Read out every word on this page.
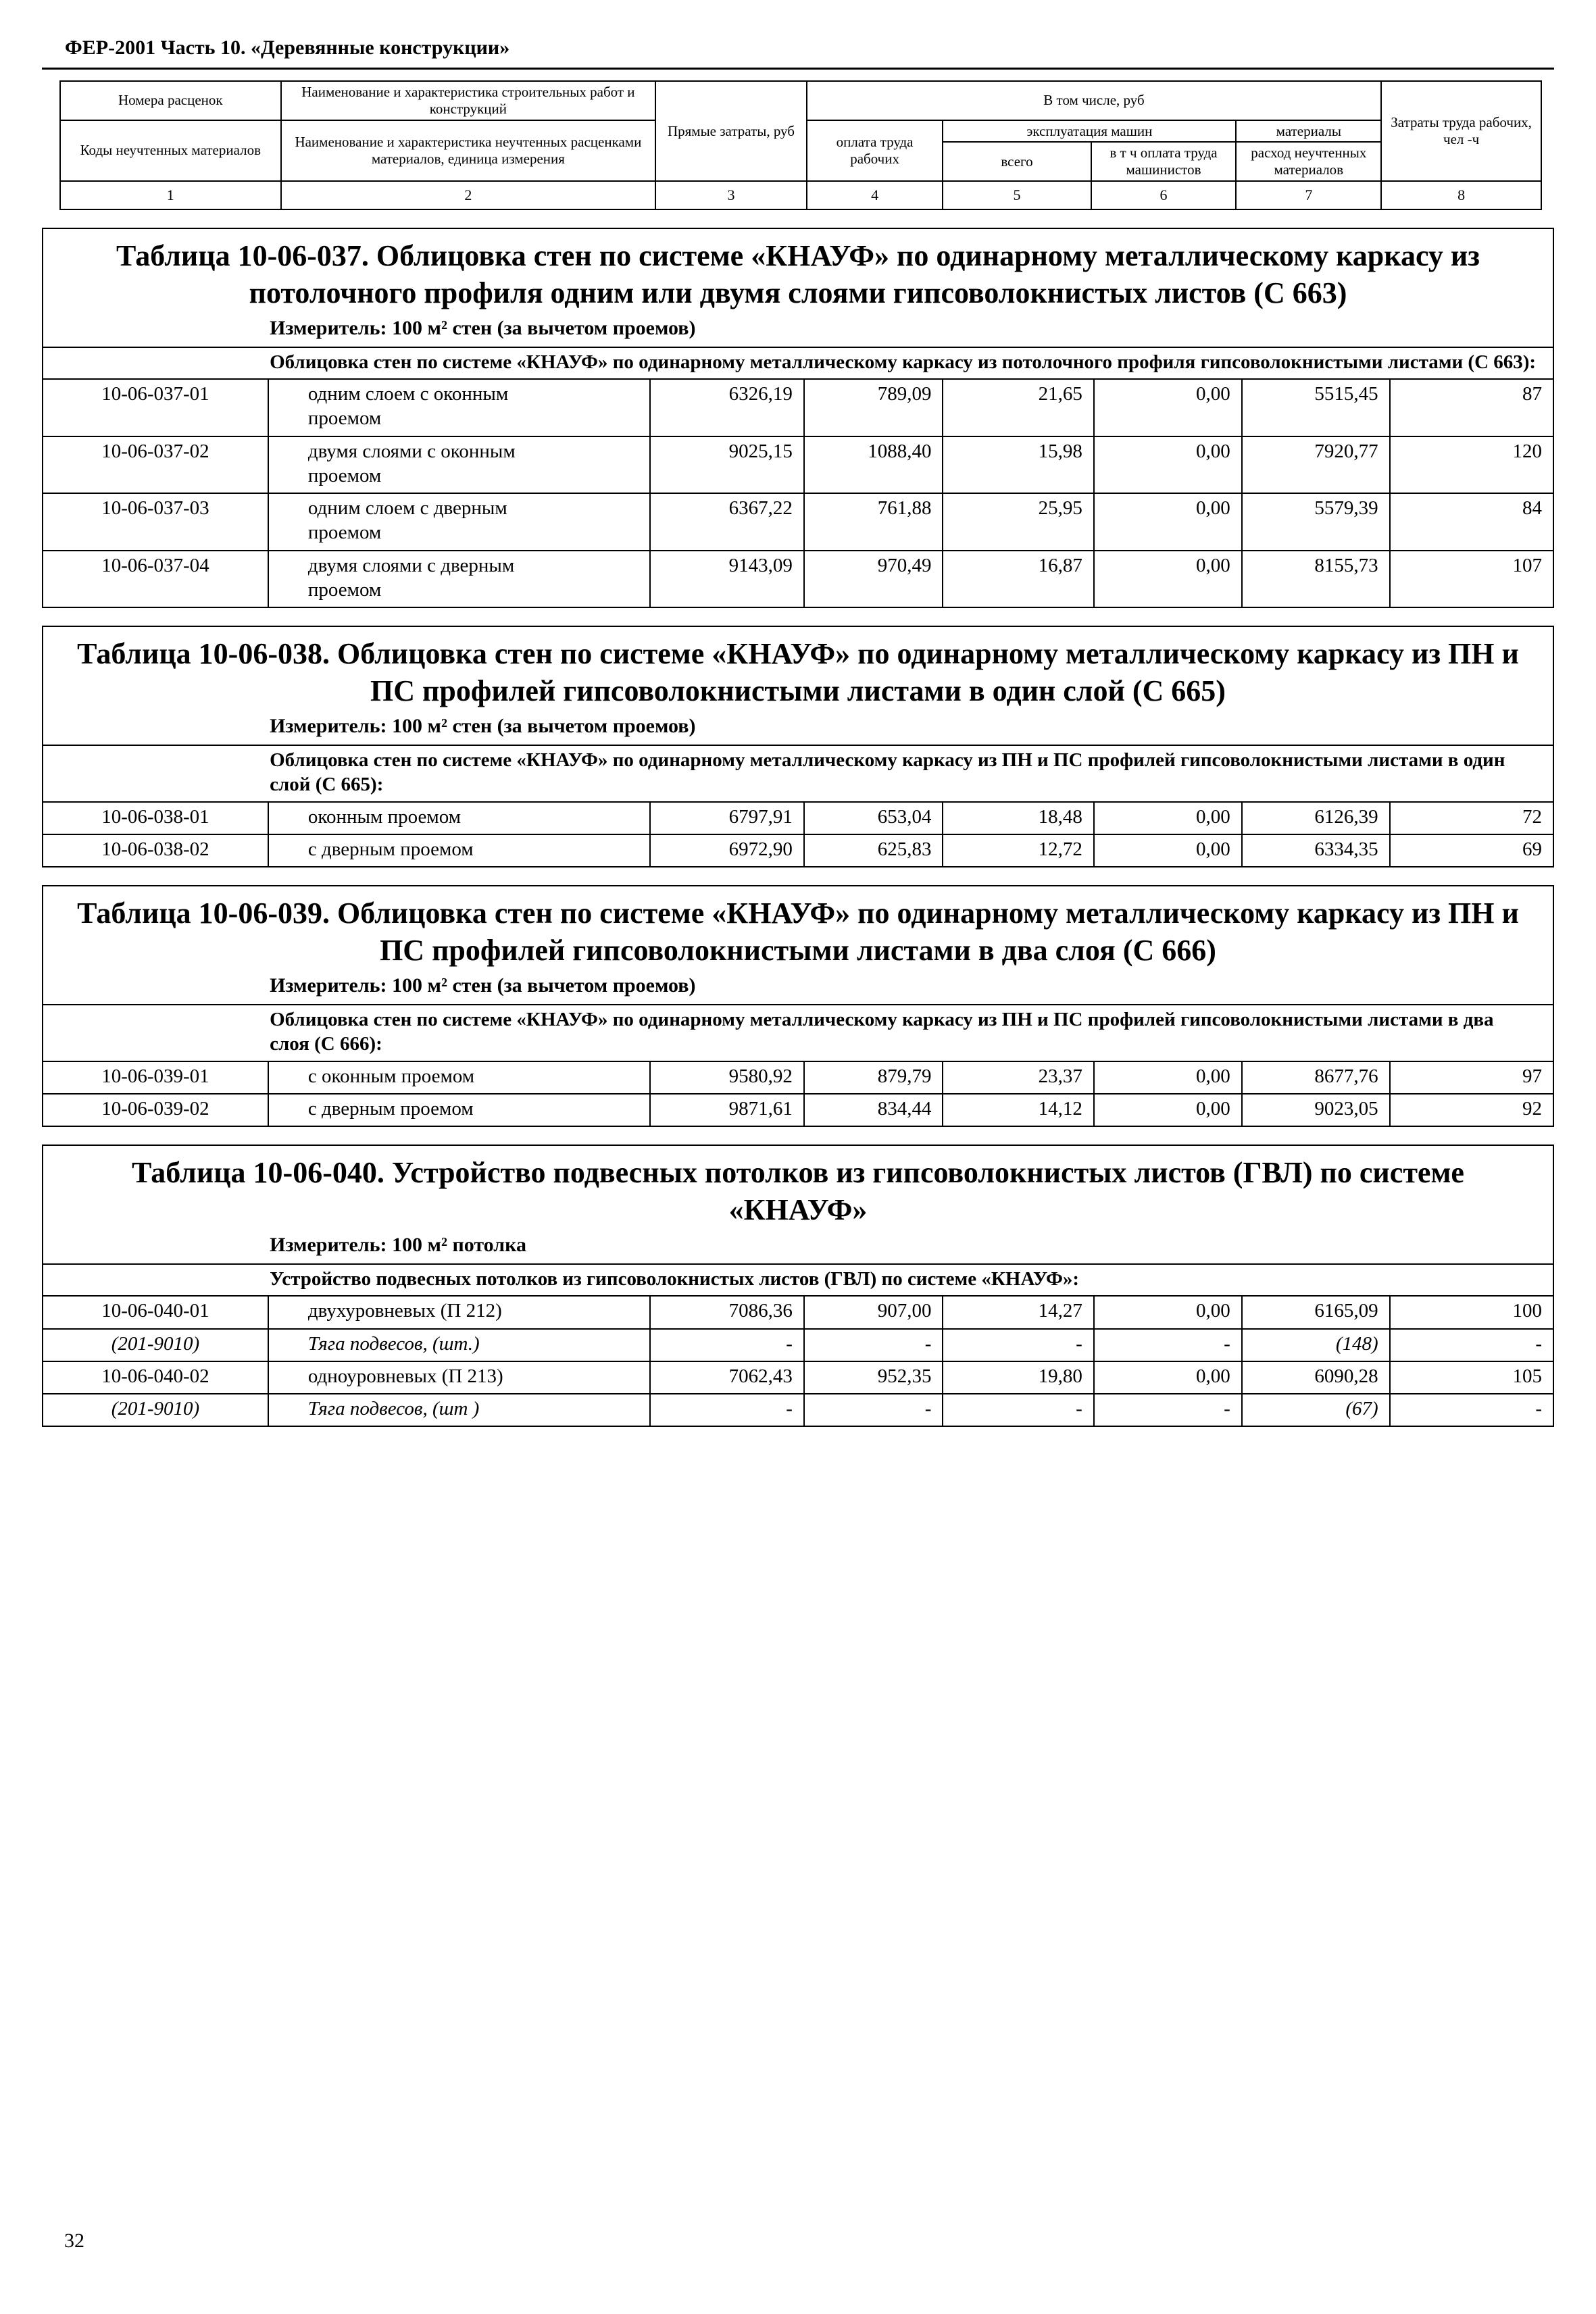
ФЕР-2001 Часть 10. «Деревянные конструкции»
Номера расценок	Наименование и характеристика строительных работ и конструкций	Прямые затраты, руб	В том числе, руб				Затраты труда рабочих, чел -ч
Коды неучтенных материалов	Наименование и характеристика неучтенных расценками материалов, единица измерения		оплата труда рабочих	эксплуатация машин		материалы	
				всего	в т ч оплата труда машинистов	расход неучтенных материалов	
1	2	3	4	5	6	7	8
Таблица 10-06-037. Облицовка стен по системе «КНАУФ» по одинарному металлическому каркасу из потолочного профиля одним или двумя слоями гипсоволокнистых листов (С 663)
Измеритель: 100 м² стен (за вычетом проемов)
Облицовка стен по системе «КНАУФ» по одинарному металлическому каркасу из потолочного профиля гипсоволокнистыми листами (С 663):							
10-06-037-01	одним слоем с оконным проемом	6326,19	789,09	21,65	0,00	5515,45	87
10-06-037-02	двумя слоями с оконным проемом	9025,15	1088,40	15,98	0,00	7920,77	120
10-06-037-03	одним слоем с дверным проемом	6367,22	761,88	25,95	0,00	5579,39	84
10-06-037-04	двумя слоями с дверным проемом	9143,09	970,49	16,87	0,00	8155,73	107
Таблица 10-06-038. Облицовка стен по системе «КНАУФ» по одинарному металлическому каркасу из ПН и ПС профилей гипсоволокнистыми листами в один слой (С 665)
Измеритель: 100 м² стен (за вычетом проемов)
Облицовка стен по системе «КНАУФ» по одинарному металлическому каркасу из ПН и ПС профилей гипсоволокнистыми листами в один слой (С 665):							
10-06-038-01	оконным проемом	6797,91	653,04	18,48	0,00	6126,39	72
10-06-038-02	с дверным проемом	6972,90	625,83	12,72	0,00	6334,35	69
Таблица 10-06-039. Облицовка стен по системе «КНАУФ» по одинарному металлическому каркасу из ПН и ПС профилей гипсоволокнистыми листами в два слоя (С 666)
Измеритель: 100 м² стен (за вычетом проемов)
Облицовка стен по системе «КНАУФ» по одинарному металлическому каркасу из ПН и ПС профилей гипсоволокнистыми листами в два слоя (С 666):							
10-06-039-01	с оконным проемом	9580,92	879,79	23,37	0,00	8677,76	97
10-06-039-02	с дверным проемом	9871,61	834,44	14,12	0,00	9023,05	92
Таблица 10-06-040. Устройство подвесных потолков из гипсоволокнистых листов (ГВЛ) по системе «КНАУФ»
Измеритель: 100 м² потолка
Устройство подвесных потолков из гипсоволокнистых листов (ГВЛ) по системе «КНАУФ»:							
10-06-040-01	двухуровневых (П 212)	7086,36	907,00	14,27	0,00	6165,09	100
(201-9010)	Тяга подвесов, (шт.)	-	-	-	-	(148)	-
10-06-040-02	одноуровневых (П 213)	7062,43	952,35	19,80	0,00	6090,28	105
(201-9010)	Тяга подвесов, (шт )	-	-	-	-	(67)	-
32
